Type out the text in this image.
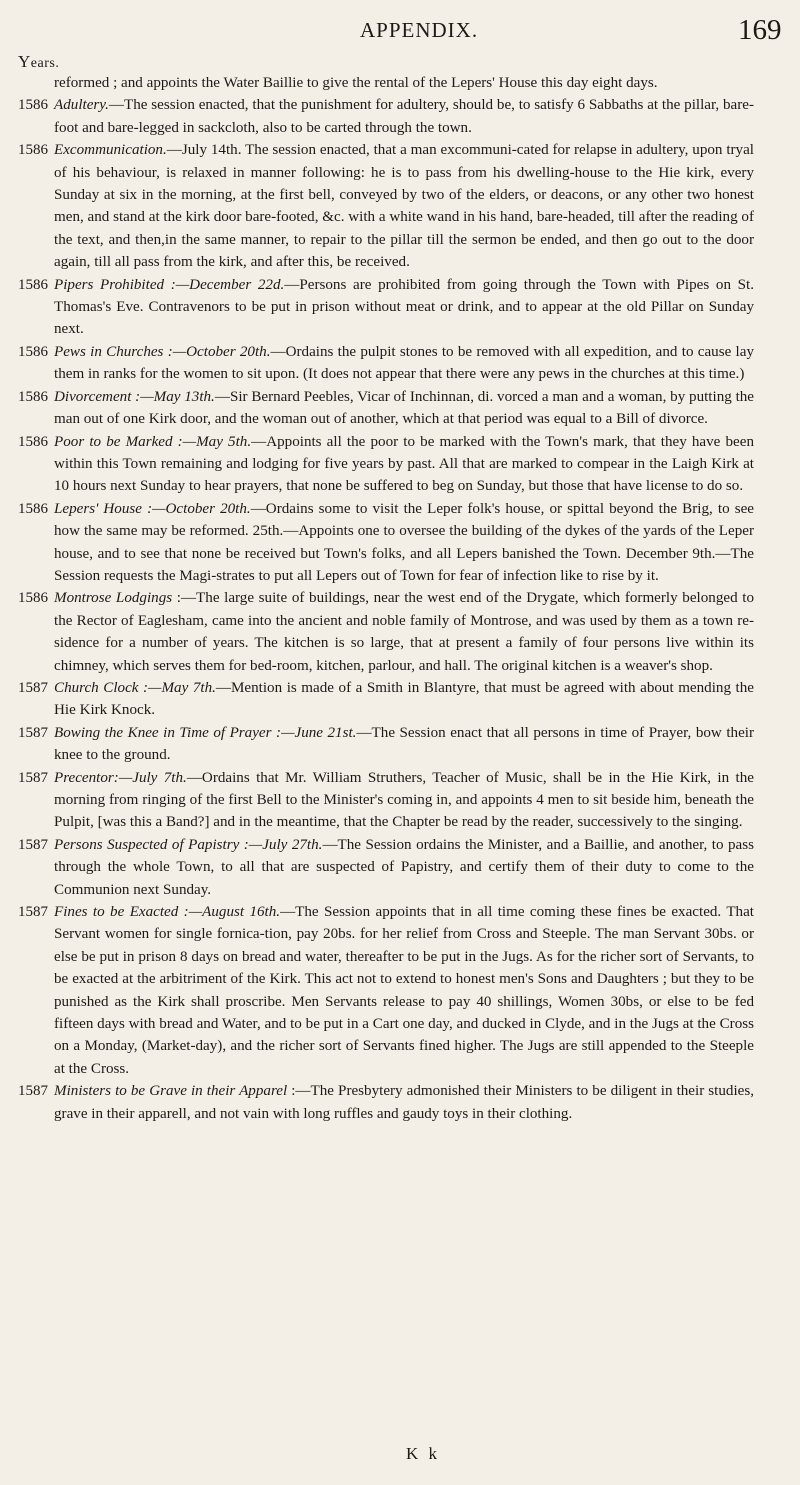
APPENDIX.	169
Years.
reformed ; and appoints the Water Baillie to give the rental of the Lepers' House this day eight days.
1586 Adultery.—The session enacted, that the punishment for adultery, should be, to satisfy 6 Sabbaths at the pillar, bare-foot and bare-legged in sackcloth, also to be carted through the town.
1586 Excommunication.—July 14th. The session enacted, that a man excommuni-cated for relapse in adultery, upon tryal of his behaviour, is relaxed in manner following: he is to pass from his dwelling-house to the Hie kirk, every Sunday at six in the morning, at the first bell, conveyed by two of the elders, or deacons, or any other two honest men, and stand at the kirk door bare-footed, &c. with a white wand in his hand, bare-headed, till after the reading of the text, and then,in the same manner, to repair to the pillar till the sermon be ended, and then go out to the door again, till all pass from the kirk, and after this, be received.
1586 Pipers Prohibited :—December 22d.—Persons are prohibited from going through the Town with Pipes on St. Thomas's Eve. Contravenors to be put in prison without meat or drink, and to appear at the old Pillar on Sunday next.
1586 Pews in Churches :—October 20th.—Ordains the pulpit stones to be removed with all expedition, and to cause lay them in ranks for the women to sit upon. (It does not appear that there were any pews in the churches at this time.)
1586 Divorcement :—May 13th.—Sir Bernard Peebles, Vicar of Inchinnan, di. vorced a man and a woman, by putting the man out of one Kirk door, and the woman out of another, which at that period was equal to a Bill of divorce.
1586 Poor to be Marked :—May 5th.—Appoints all the poor to be marked with the Town's mark, that they have been within this Town remaining and lodging for five years by past. All that are marked to compear in the Laigh Kirk at 10 hours next Sunday to hear prayers, that none be suffered to beg on Sunday, but those that have license to do so.
1586 Lepers' House :—October 20th.—Ordains some to visit the Leper folk's house, or spittal beyond the Brig, to see how the same may be reformed. 25th.—Appoints one to oversee the building of the dykes of the yards of the Leper house, and to see that none be received but Town's folks, and all Lepers banished the Town. December 9th.—The Session requests the Magi-strates to put all Lepers out of Town for fear of infection like to rise by it.
1586 Montrose Lodgings :—The large suite of buildings, near the west end of the Drygate, which formerly belonged to the Rector of Eaglesham, came into the ancient and noble family of Montrose, and was used by them as a town re-sidence for a number of years. The kitchen is so large, that at present a family of four persons live within its chimney, which serves them for bed-room, kitchen, parlour, and hall. The original kitchen is a weaver's shop.
1587 Church Clock :—May 7th.—Mention is made of a Smith in Blantyre, that must be agreed with about mending the Hie Kirk Knock.
1587 Bowing the Knee in Time of Prayer :—June 21st.—The Session enact that all persons in time of Prayer, bow their knee to the ground.
1587 Precentor:—July 7th.—Ordains that Mr. William Struthers, Teacher of Music, shall be in the Hie Kirk, in the morning from ringing of the first Bell to the Minister's coming in, and appoints 4 men to sit beside him, beneath the Pulpit, [was this a Band?] and in the meantime, that the Chapter be read by the reader, successively to the singing.
1587 Persons Suspected of Papistry :—July 27th.—The Session ordains the Minister, and a Baillie, and another, to pass through the whole Town, to all that are suspected of Papistry, and certify them of their duty to come to the Communion next Sunday.
1587 Fines to be Exacted :—August 16th.—The Session appoints that in all time coming these fines be exacted. That Servant women for single fornica-tion, pay 20bs. for her relief from Cross and Steeple. The man Servant 30bs. or else be put in prison 8 days on bread and water, thereafter to be put in the Jugs. As for the richer sort of Servants, to be exacted at the arbitriment of the Kirk. This act not to extend to honest men's Sons and Daughters ; but they to be punished as the Kirk shall proscribe. Men Servants release to pay 40 shillings, Women 30bs, or else to be fed fifteen days with bread and Water, and to be put in a Cart one day, and ducked in Clyde, and in the Jugs at the Cross on a Monday, (Market-day), and the richer sort of Servants fined higher. The Jugs are still appended to the Steeple at the Cross.
1587 Ministers to be Grave in their Apparel :—The Presbytery admonished their Ministers to be diligent in their studies, grave in their apparell, and not vain with long ruffles and gaudy toys in their clothing.
K k
